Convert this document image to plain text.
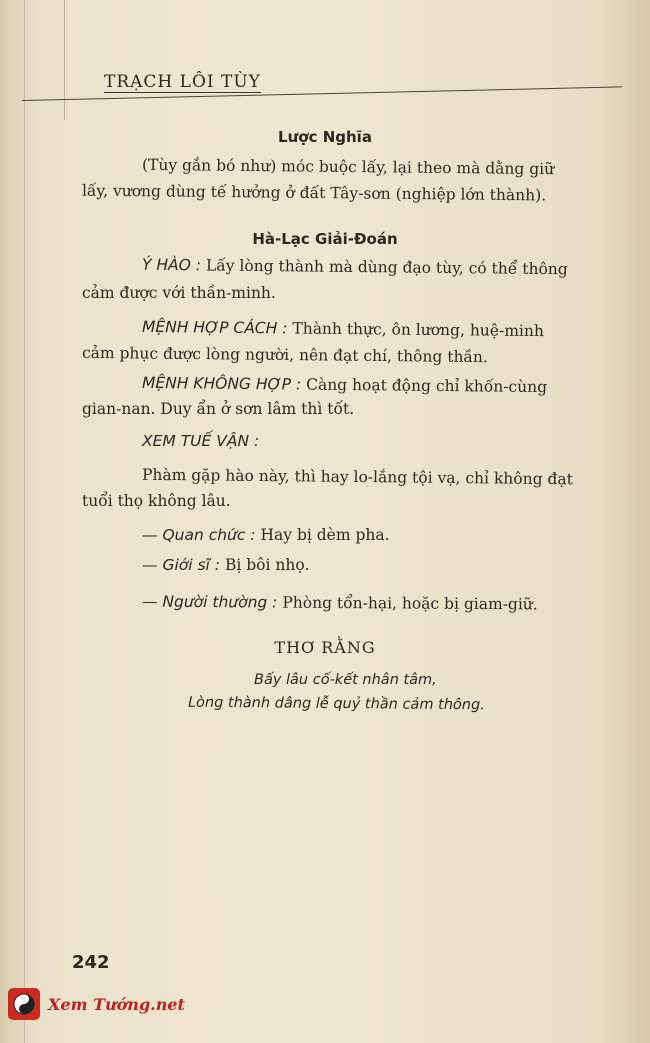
TRẠCH LÔI TÙY
Lược Nghĩa
(Tùy gắn bó như) móc buộc lấy, lại theo mà dằng giữ
lấy, vương dùng tế hưởng ở đất Tây-sơn (nghiệp lớn thành).
Hà-Lạc Giải-Đoán
Ý HÀO : Lấy lòng thành mà dùng đạo tùy, có thể thông
cảm được với thần-minh.
MỆNH HỢP CÁCH : Thành thực, ôn lương, huệ-minh
cảm phục được lòng người, nên đạt chí, thông thần.
MỆNH KHÔNG HỢP : Càng hoạt động chỉ khốn-cùng
gian-nan. Duy ẩn ở sơn lâm thì tốt.
XEM TUẾ VẬN :
Phàm gặp hào này, thì hay lo-lắng tội vạ, chỉ không đạt
tuổi thọ không lâu.
— Quan chức : Hay bị dèm pha.
— Giới sĩ : Bị bôi nhọ.
— Người thường : Phòng tổn-hại, hoặc bị giam-giữ.
THƠ RẰNG
Bấy lâu cố-kết nhân tâm,
Lòng thành dâng lễ quỷ thần cảm thông.
242
Xem Tướng.net
